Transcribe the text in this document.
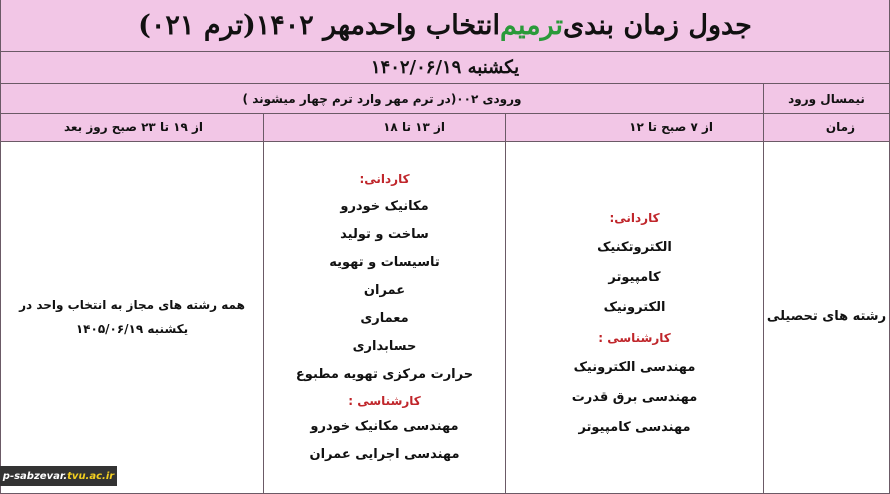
جدول زمان بندی
ترمیم
انتخاب واحدمهر ۱۴۰۲(ترم ۰۲۱)
یکشنبه ۱۴۰۲/۰۶/۱۹
نیمسال ورود
ورودی ۰۰۲(در ترم مهر وارد ترم چهار میشوند )
زمان
از ۷ صبح تا ۱۲
از ۱۳ تا ۱۸
از ۱۹ تا ۲۳ صبح روز بعد
رشته های تحصیلی
کاردانی:
الکتروتکنیک
کامپیوتر
الکترونیک
کارشناسی :
مهندسی الکترونیک
مهندسی برق قدرت
مهندسی کامپیوتر
کاردانی:
مکانیک خودرو
ساخت و تولید
تاسیسات و تهویه
عمران
معماری
حسابداری
حرارت مرکزی تهویه مطبوع
کارشناسی :
مهندسی مکانیک خودرو
مهندسی اجرایی عمران
همه رشته های مجاز به انتخاب واحد در
یکشنبه ۱۴۰۵/۰۶/۱۹
p-sabzevar. tvu.ac.ir
